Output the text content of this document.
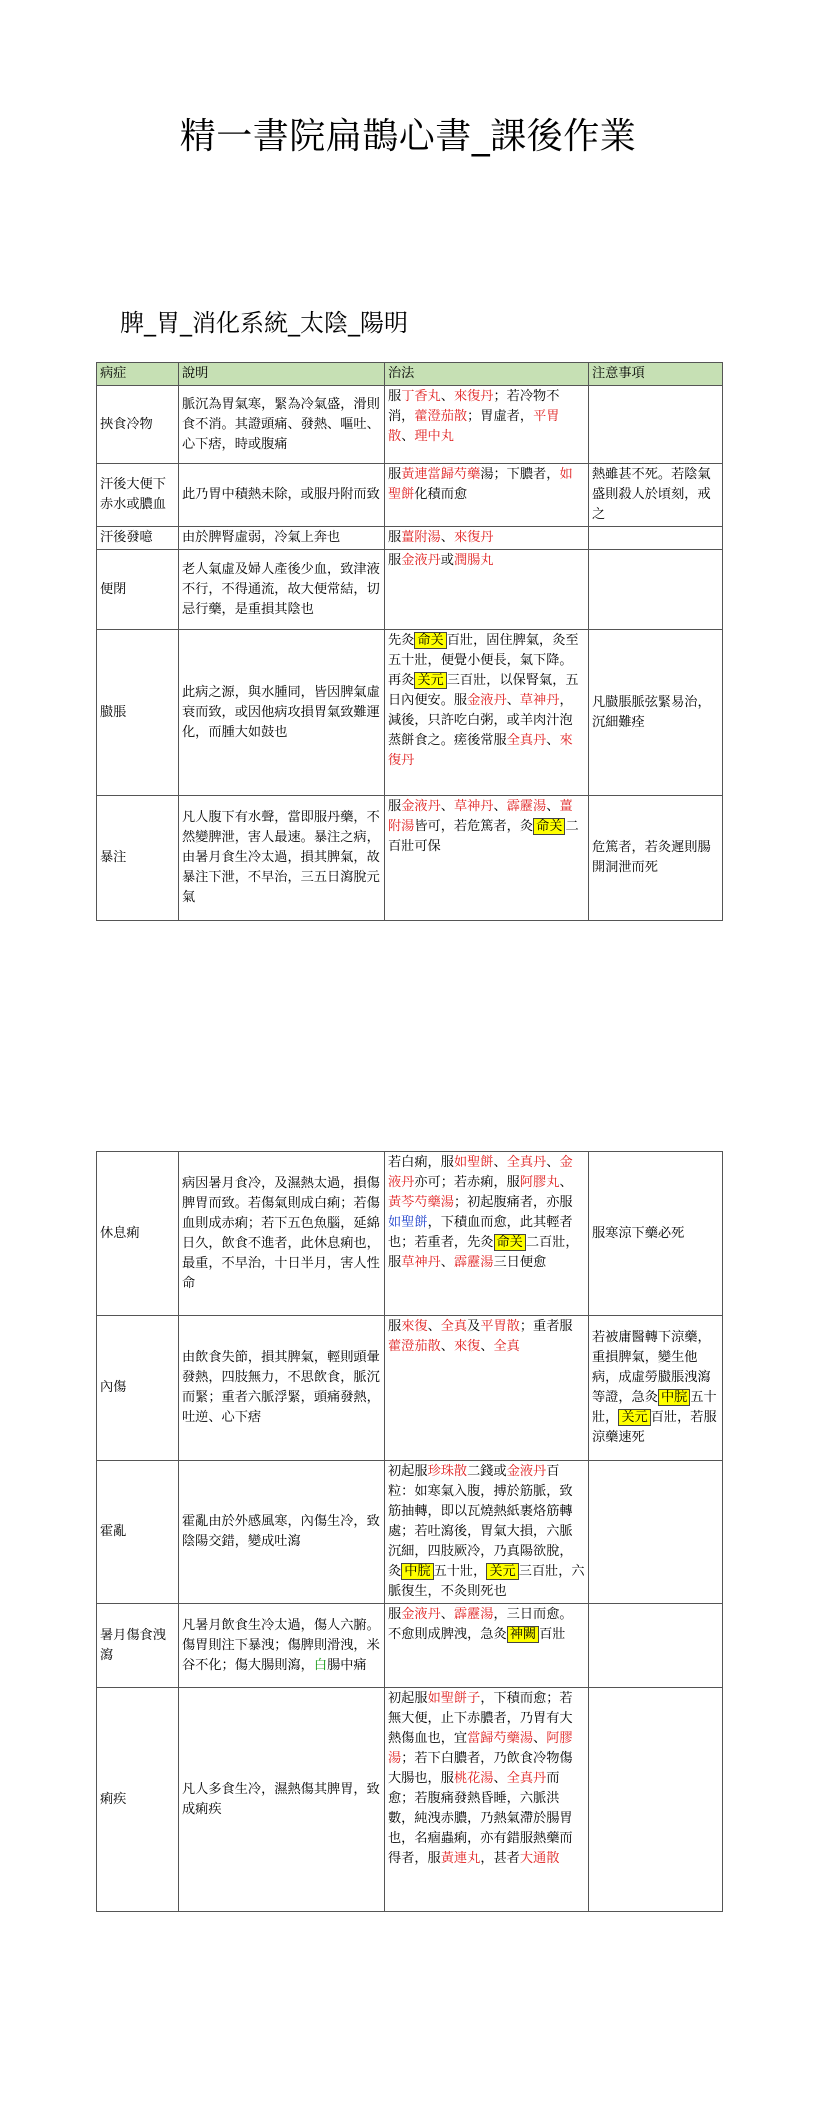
精一書院扁鵲心書_課後作業
脾_胃_消化系統_太陰_陽明
病症	說明	治法	注意事項
挾食冷物	脈沉為胃氣寒，緊為冷氣盛，滑則食不消。其證頭痛、發熱、嘔吐、心下痞，時或腹痛	服丁香丸、來復丹；若冷物不消，藿澄茄散；胃虛者，平胃散、理中丸	
汗後大便下赤水或膿血	此乃胃中積熱未除，或服丹附而致	服黃連當歸芍藥湯；下膿者，如聖餅化積而愈	熱雖甚不死。若陰氣盛則殺人於頃刻，戒之
汗後發噫	由於脾腎虛弱，冷氣上奔也	服薑附湯、來復丹	
便閉	老人氣虛及婦人產後少血，致津液不行，不得通流，故大便常結，切忌行藥，是重損其陰也	服金液丹或潤腸丸	
臌脹	此病之源，與水腫同，皆因脾氣虛衰而致，或因他病攻損胃氣致難運化，而腫大如鼓也	先灸 命关 百壯，固住脾氣，灸至五十壯，便覺小便長，氣下降。再灸 关元 三百壯，以保腎氣，五日內便安。服金液丹、草神丹，減後，只許吃白粥，或羊肉汁泡蒸餅食之。瘥後常服全真丹、來復丹	凡臌脹脈弦緊易治，沉細難痊
暴注	凡人腹下有水聲，當即服丹藥，不然變脾泄，害人最速。暴注之病，由暑月食生冷太過，損其脾氣，故暴注下泄，不早治，三五日瀉脫元氣	服金液丹、草神丹、霹靂湯、薑附湯皆可，若危篤者，灸 命关 二百壯可保	危篤者，若灸遲則腸開洞泄而死
休息痢	病因暑月食冷，及濕熱太過，損傷脾胃而致。若傷氣則成白痢；若傷血則成赤痢；若下五色魚腦，延綿日久，飲食不進者，此休息痢也，最重，不早治，十日半月，害人性命	若白痢，服如聖餅、全真丹、金液丹亦可；若赤痢，服阿膠丸、黃芩芍藥湯；初起腹痛者，亦服如聖餅，下積血而愈，此其輕者也；若重者，先灸 命关 二百壯，服草神丹、霹靂湯三日便愈	服寒涼下藥必死
內傷	由飲食失節，損其脾氣，輕則頭暈發熱，四肢無力，不思飲食，脈沉而緊；重者六脈浮緊，頭痛發熱，吐逆、心下痞	服來復、全真及平胃散；重者服藿澄茄散、來復、全真	若被庸醫轉下涼藥，重損脾氣，變生他病，成虛勞臌脹洩瀉等證，急灸 中脘 五十壯， 关元 百壯，若服涼藥速死
霍亂	霍亂由於外感風寒，內傷生冷，致陰陽交錯，變成吐瀉	初起服珍珠散二錢或金液丹百粒：如寒氣入腹，搏於筋脈，致筋抽轉，即以瓦燒熱紙裹烙筋轉處；若吐瀉後，胃氣大損，六脈沉細，四肢厥冷，乃真陽欲脫，灸 中脘 五十壯， 关元 三百壯，六脈復生，不灸則死也	
暑月傷食洩瀉	凡暑月飲食生冷太過，傷人六腑。傷胃則注下暴洩；傷脾則滑洩，米谷不化；傷大腸則瀉，白腸中痛	服金液丹、霹靂湯，三日而愈。不愈則成脾洩，急灸 神闕 百壯	
痢疾	凡人多食生冷，濕熱傷其脾胃，致成痢疾	初起服如聖餅子，下積而愈；若無大便，止下赤膿者，乃胃有大熱傷血也，宜當歸芍藥湯、阿膠湯；若下白膿者，乃飲食冷物傷大腸也，服桃花湯、全真丹而愈；若腹痛發熱昏睡，六脈洪數，純洩赤膿，乃熱氣滯於腸胃也，名痼蟲痢，亦有錯服熱藥而得者，服黃連丸，甚者大通散	
